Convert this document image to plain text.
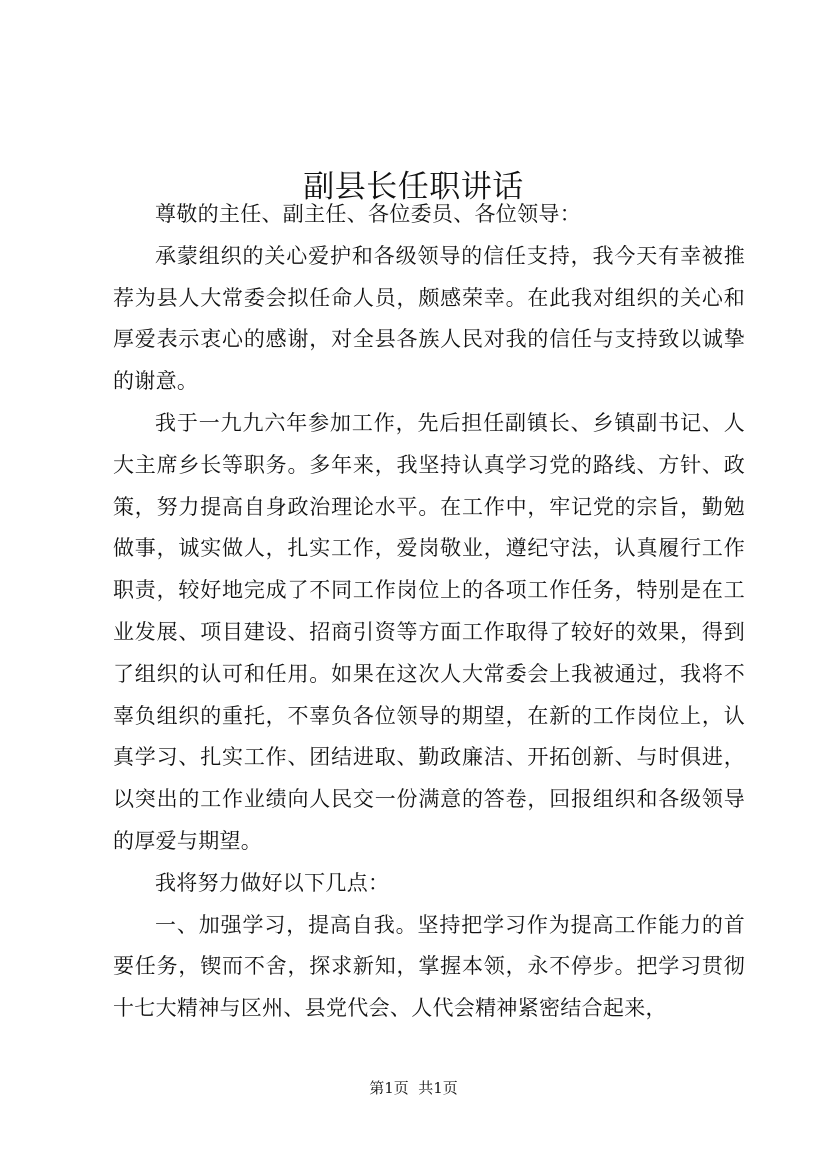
副县长任职讲话

尊敬的主任、副主任、各位委员、各位领导：

承蒙组织的关心爱护和各级领导的信任支持，我今天有幸被推荐为县人大常委会拟任命人员，颇感荣幸。在此我对组织的关心和厚爱表示衷心的感谢，对全县各族人民对我的信任与支持致以诚挚的谢意。

我于一九九六年参加工作，先后担任副镇长、乡镇副书记、人大主席乡长等职务。多年来，我坚持认真学习党的路线、方针、政策，努力提高自身政治理论水平。在工作中，牢记党的宗旨，勤勉做事，诚实做人，扎实工作，爱岗敬业，遵纪守法，认真履行工作职责，较好地完成了不同工作岗位上的各项工作任务，特别是在工业发展、项目建设、招商引资等方面工作取得了较好的效果，得到了组织的认可和任用。如果在这次人大常委会上我被通过，我将不辜负组织的重托，不辜负各位领导的期望，在新的工作岗位上，认真学习、扎实工作、团结进取、勤政廉洁、开拓创新、与时俱进，以突出的工作业绩向人民交一份满意的答卷，回报组织和各级领导的厚爱与期望。

我将努力做好以下几点：

一、加强学习，提高自我。坚持把学习作为提高工作能力的首要任务，锲而不舍，探求新知，掌握本领，永不停步。把学习贯彻十七大精神与区州、县党代会、人代会精神紧密结合起来，

第1页  共1页
